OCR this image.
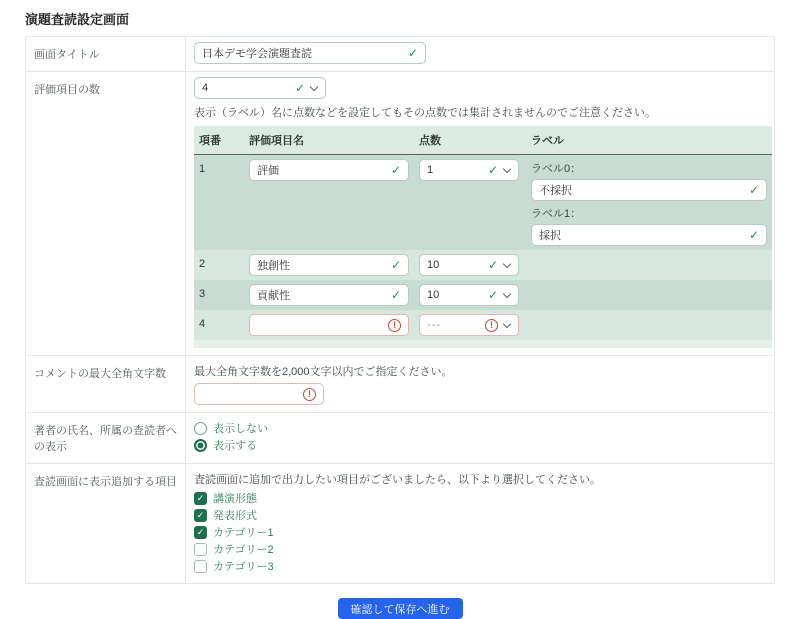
演題査読設定画面
画面タイトル	日本デモ学会演題査読	✓
評価項目の数	4	✓
表示（ラベル）名に点数などを設定してもその点数では集計されませんのでご注意ください。
項番	評価項目名	点数	ラベル
1	評価	✓ 1	✓	ラベル0：
不採択	✓
ラベル1：
採択	✓
2	独創性	✓ 10	✓
3	貢献性	✓ 10	✓
4	!	---	!
コメントの最大全角文字数	最大全角文字数を2,000文字以内でご指定ください。
!
著者の氏名、所属の査読者への表示
表示しない
表示する
査読画面に表示追加する項目	査読画面に追加で出力したい項目がございましたら、以下より選択してください。
✓ 講演形態
✓ 発表形式
✓ カテゴリー1
カテゴリー2
カテゴリー3
確認して保存へ進む
